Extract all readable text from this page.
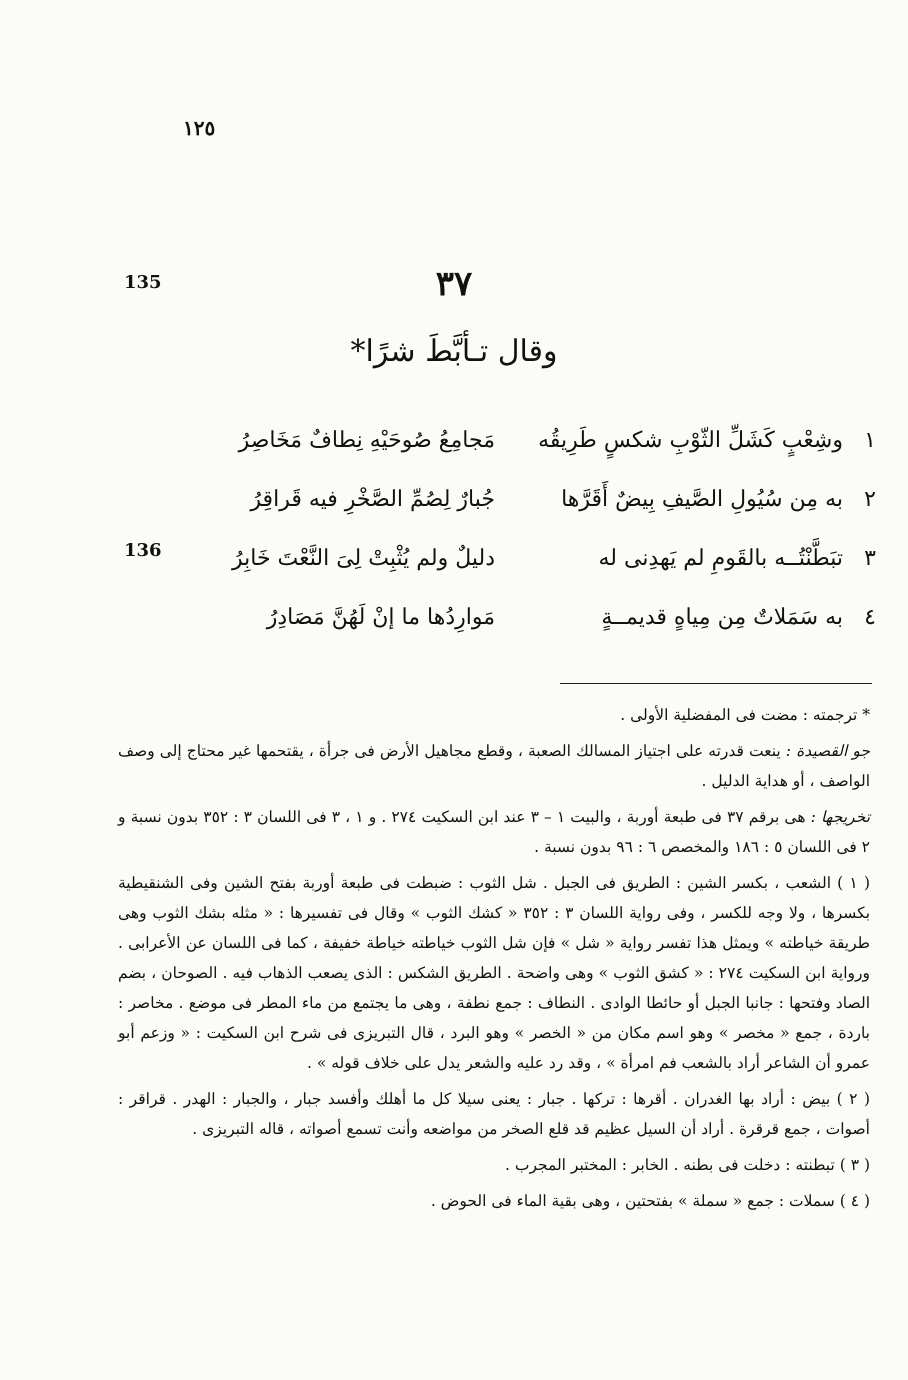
١٢٥
135
136
٣٧
وقال تـأبَّطَ شرًا*
١
وشِعْبٍ كَشَلِّ الثّوْبِ شكسٍ طَرِيقُه
مَجامِعُ صُوحَيْهِ نِطافٌ مَخَاصِرُ
٢
به مِن سُيُولِ الصَّيفِ بِيضٌ أَقَرَّها
جُبارٌ لِصُمِّ الصَّخْرِ فيه قَراقِرُ
٣
تبَطَّنْتُــه بالقَومِ لم يَهدِنى له
دليلٌ ولم يُثْبِتْ لِىَ النَّعْتَ خَابِرُ
٤
به سَمَلاتٌ مِن مِياهٍ قديمــةٍ
مَوارِدُها ما إنْ لَهُنَّ مَصَادِرُ

* ترجمته : مضت فى المفضلية الأولى .

جو القصيدة : ينعت قدرته على اجتياز المسالك الصعبة ، وقطع مجاهيل الأرض فى جرأة ، يقتحمها غير محتاج إلى وصف الواصف ، أو هداية الدليل .

تخريجها : هى برقم ٣٧ فى طبعة أوربة ، والبيت ١ – ٣ عند ابن السكيت ٢٧٤ . و ١ ، ٣ فى اللسان ٣ : ٣٥٢ بدون نسبة و ٢ فى اللسان ٥ : ١٨٦ والمخصص ٦ : ٩٦ بدون نسبة .

( ١ ) الشعب ، بكسر الشين : الطريق فى الجبل . شل الثوب : ضبطت فى طبعة أوربة بفتح الشين وفى الشنقيطية بكسرها ، ولا وجه للكسر ، وفى رواية اللسان ٣ : ٣٥٢ « كشك الثوب » وقال فى تفسيرها : « مثله بشك الثوب وهى طريقة خياطته » ويمثل هذا تفسر رواية « شل » فإن شل الثوب خياطته خياطة خفيفة ، كما فى اللسان عن الأعرابى . ورواية ابن السكيت ٢٧٤ : « كشق الثوب » وهى واضحة . الطريق الشكس : الذى يصعب الذهاب فيه . الصوحان ، بضم الصاد وفتحها : جانبا الجبل أو حائطا الوادى . النطاف : جمع نطفة ، وهى ما يجتمع من ماء المطر فى موضع . مخاصر : باردة ، جمع « مخصر » وهو اسم مكان من « الخصر » وهو البرد ، قال التبريزى فى شرح ابن السكيت : « وزعم أبو عمرو أن الشاعر أراد بالشعب فم امرأة » ، وقد رد عليه والشعر يدل على خلاف قوله » .

( ٢ ) بيض : أراد بها الغدران . أقرها : تركها . جبار : يعنى سيلا كل ما أهلك وأفسد جبار ، والجبار : الهدر . قراقر : أصوات ، جمع قرقرة . أراد أن السيل عظيم قد قلع الصخر من مواضعه وأنت تسمع أصواته ، قاله التبريزى .

( ٣ ) تبطنته : دخلت فى بطنه . الخابر : المختبر المجرب .

( ٤ ) سملات : جمع « سملة » بفتحتين ، وهى بقية الماء فى الحوض .
